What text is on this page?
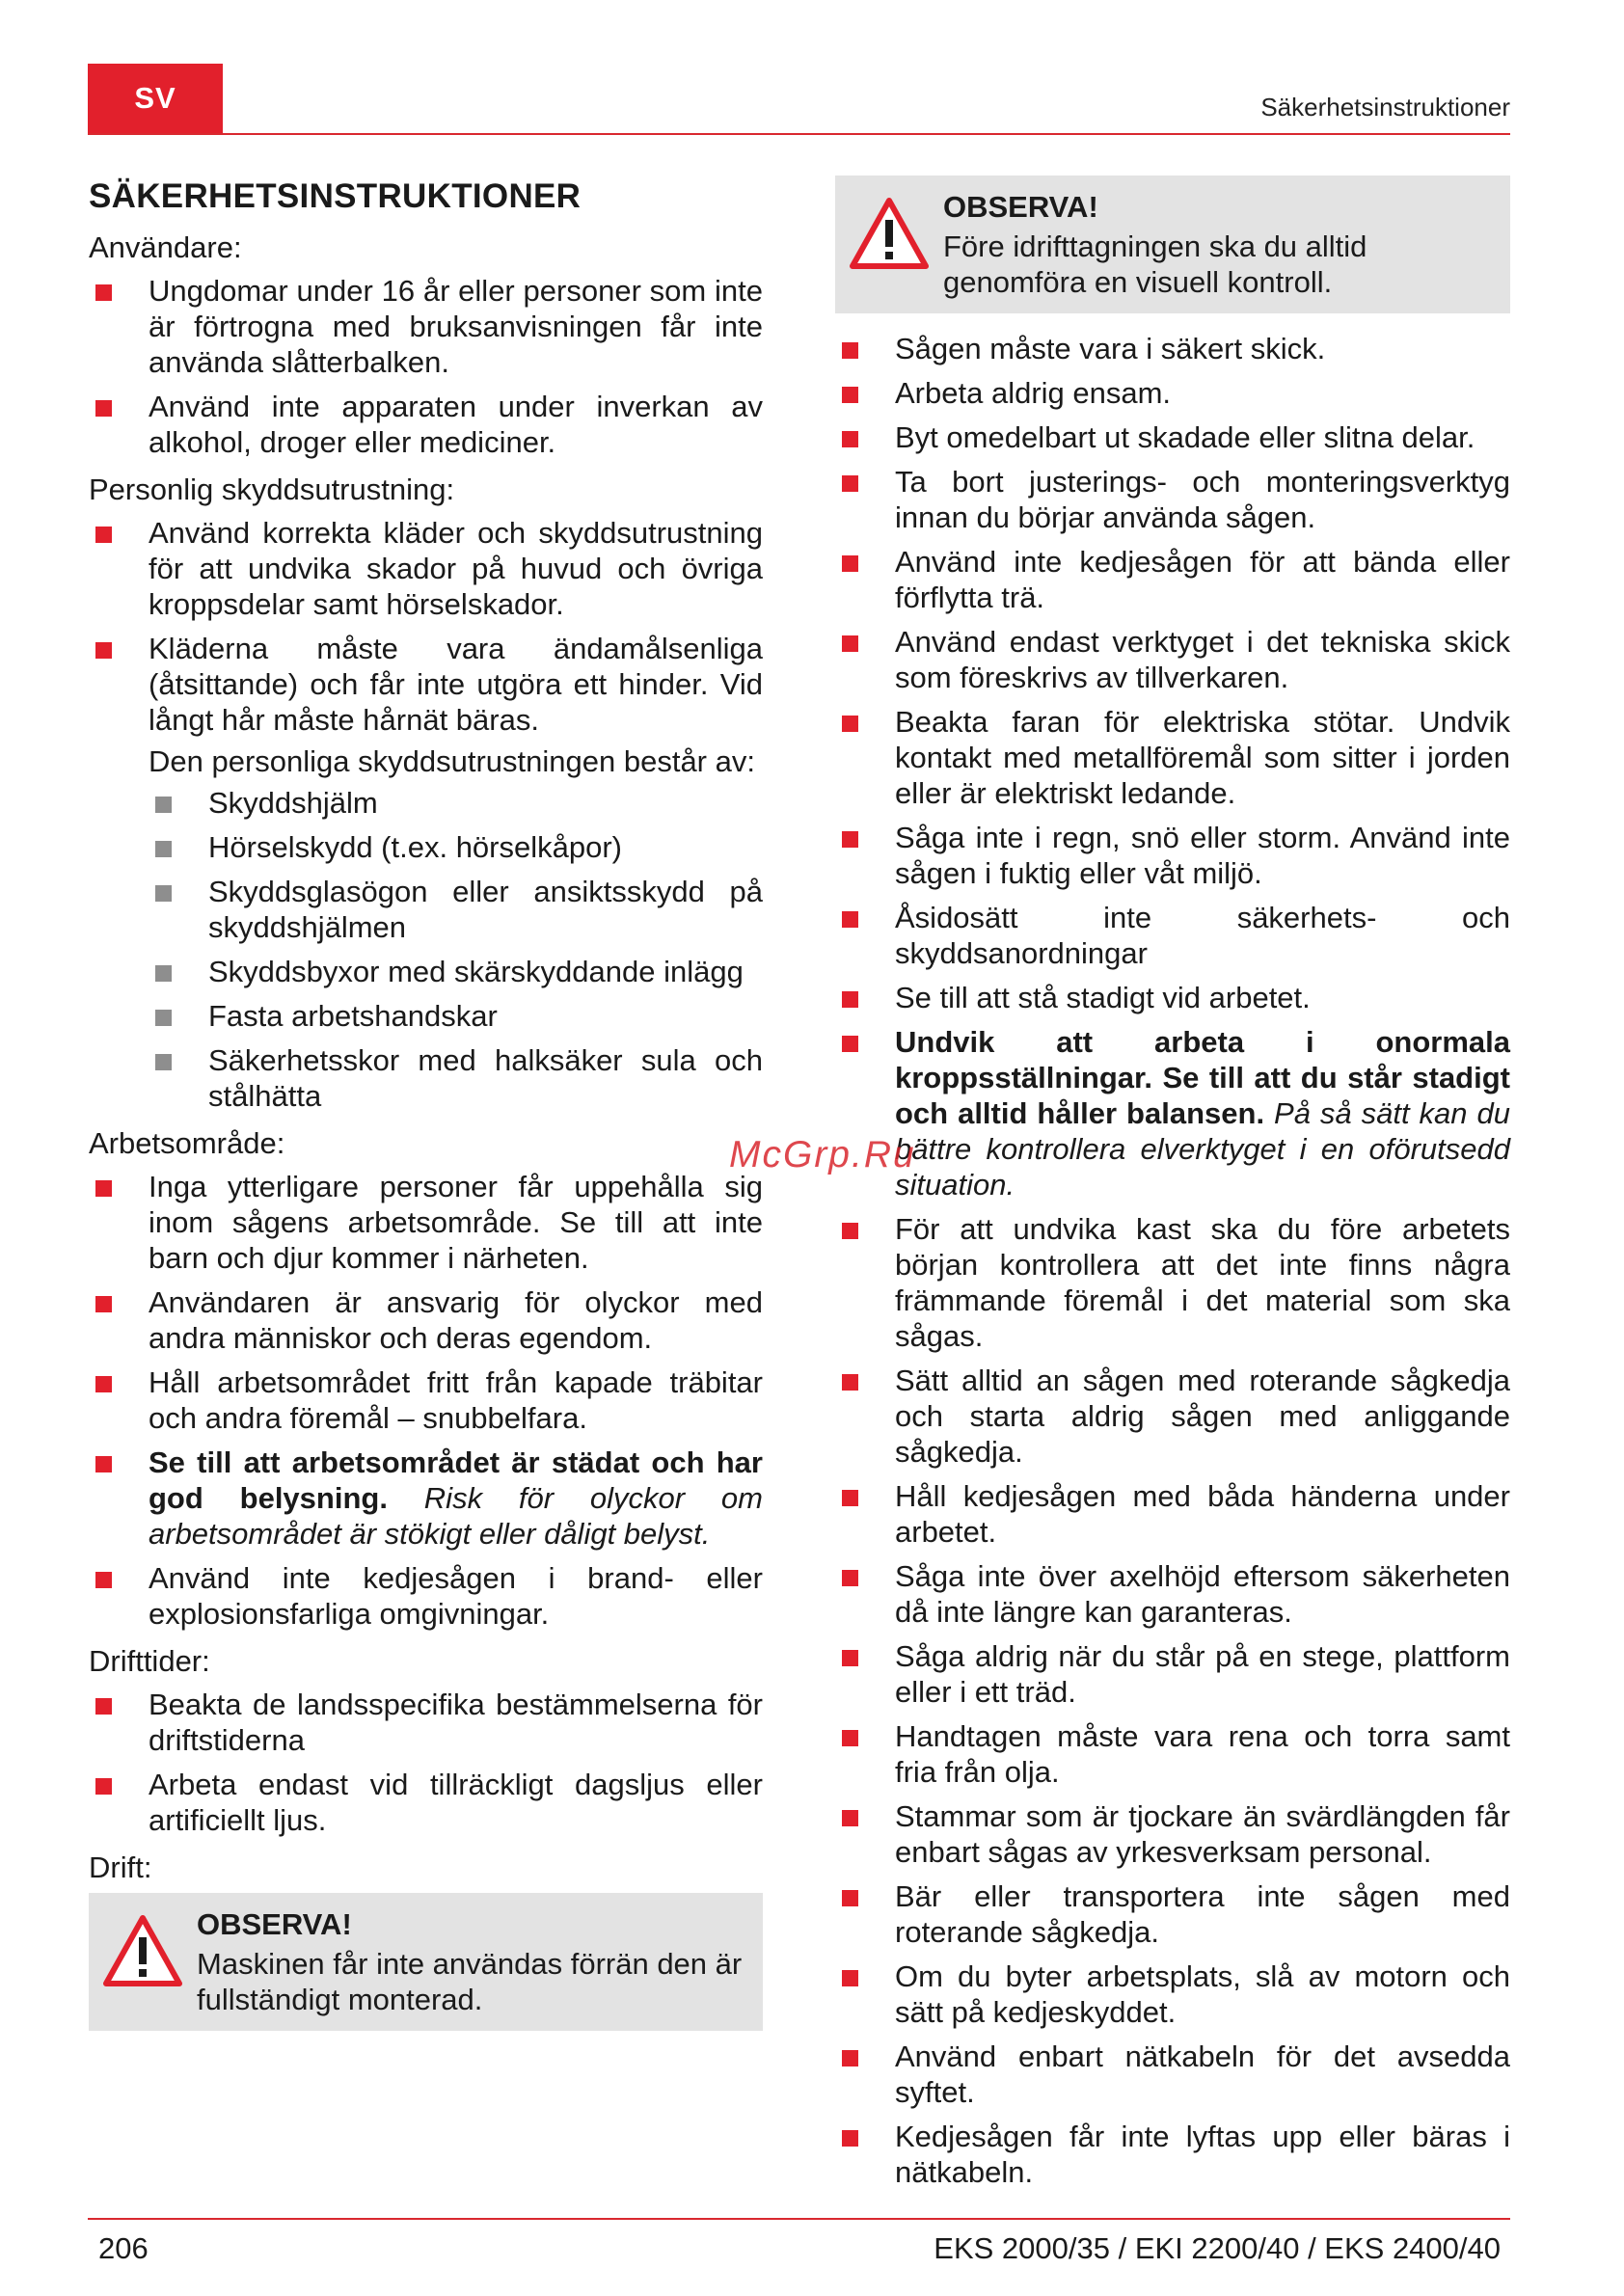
SV	Säkerhetsinstruktioner
SÄKERHETSINSTRUKTIONER
Användare:
Ungdomar under 16 år eller personer som inte är förtrogna med bruksanvisningen får inte använda slåtterbalken.
Använd inte apparaten under inverkan av alkohol, droger eller mediciner.
Personlig skyddsutrustning:
Använd korrekta kläder och skyddsutrustning för att undvika skador på huvud och övriga kroppsdelar samt hörselskador.
Kläderna måste vara ändamålsenliga (åtsittande) och får inte utgöra ett hinder. Vid långt hår måste hårnät bäras.
Den personliga skyddsutrustningen består av:
Skyddshjälm
Hörselskydd (t.ex. hörselkåpor)
Skyddsglasögon eller ansiktsskydd på skyddshjälmen
Skyddsbyxor med skärskyddande inlägg
Fasta arbetshandskar
Säkerhetsskor med halksäker sula och stålhätta
Arbetsområde:
Inga ytterligare personer får uppehålla sig inom sågens arbetsområde. Se till att inte barn och djur kommer i närheten.
Användaren är ansvarig för olyckor med andra människor och deras egendom.
Håll arbetsområdet fritt från kapade träbitar och andra föremål – snubbelfara.
Se till att arbetsområdet är städat och har god belysning. Risk för olyckor om arbetsområdet är stökigt eller dåligt belyst.
Använd inte kedjesågen i brand- eller explosionsfarliga omgivningar.
Drifttider:
Beakta de landsspecifika bestämmelserna för driftstiderna
Arbeta endast vid tillräckligt dagsljus eller artificiellt ljus.
Drift:
OBSERVA!
Maskinen får inte användas förrän den är fullständigt monterad.
OBSERVA!
Före idrifttagningen ska du alltid genomföra en visuell kontroll.
Sågen måste vara i säkert skick.
Arbeta aldrig ensam.
Byt omedelbart ut skadade eller slitna delar.
Ta bort justerings- och monteringsverktyg innan du börjar använda sågen.
Använd inte kedjesågen för att bända eller förflytta trä.
Använd endast verktyget i det tekniska skick som föreskrivs av tillverkaren.
Beakta faran för elektriska stötar. Undvik kontakt med metallföremål som sitter i jorden eller är elektriskt ledande.
Såga inte i regn, snö eller storm. Använd inte sågen i fuktig eller våt miljö.
Åsidosätt inte säkerhets- och skyddsanordningar
Se till att stå stadigt vid arbetet.
Undvik att arbeta i onormala kroppsställningar. Se till att du står stadigt och alltid håller balansen. På så sätt kan du bättre kontrollera elverktyget i en oförutsedd situation.
För att undvika kast ska du före arbetets början kontrollera att det inte finns några främmande föremål i det material som ska sågas.
Sätt alltid an sågen med roterande sågkedja och starta aldrig sågen med anliggande sågkedja.
Håll kedjesågen med båda händerna under arbetet.
Såga inte över axelhöjd eftersom säkerheten då inte längre kan garanteras.
Såga aldrig när du står på en stege, plattform eller i ett träd.
Handtagen måste vara rena och torra samt fria från olja.
Stammar som är tjockare än svärdlängden får enbart sågas av yrkesverksam personal.
Bär eller transportera inte sågen med roterande sågkedja.
Om du byter arbetsplats, slå av motorn och sätt på kedjeskyddet.
Använd enbart nätkabeln för det avsedda syftet.
Kedjesågen får inte lyftas upp eller bäras i nätkabeln.
McGrp.Ru
206	EKS 2000/35 / EKI 2200/40 / EKS 2400/40
